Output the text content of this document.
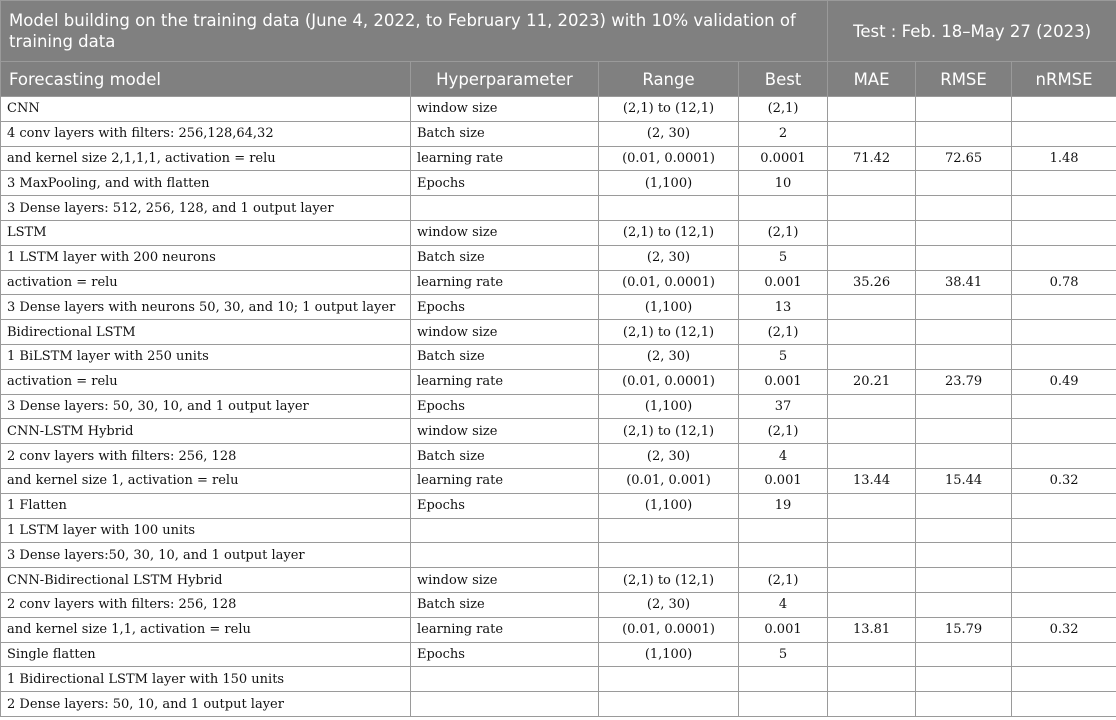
Model building on the training data (June 4, 2022, to February 11, 2023) with 10% validation of training data				Test : Feb. 18–May 27 (2023)		
Forecasting model	Hyperparameter	Range	Best	MAE	RMSE	nRMSE
CNN	window size	(2,1) to (12,1)	(2,1)			
4 conv layers with filters: 256,128,64,32	Batch size	(2, 30)	2			
and kernel size 2,1,1,1, activation = relu	learning rate	(0.01, 0.0001)	0.0001	71.42	72.65	1.48
3 MaxPooling, and with flatten	Epochs	(1,100)	10			
3 Dense layers: 512, 256, 128, and 1 output layer						
LSTM	window size	(2,1) to (12,1)	(2,1)			
1 LSTM layer with 200 neurons	Batch size	(2, 30)	5			
activation = relu	learning rate	(0.01, 0.0001)	0.001	35.26	38.41	0.78
3 Dense layers with neurons 50, 30, and 10; 1 output layer	Epochs	(1,100)	13			
Bidirectional LSTM	window size	(2,1) to (12,1)	(2,1)			
1 BiLSTM layer with 250 units	Batch size	(2, 30)	5			
activation = relu	learning rate	(0.01, 0.0001)	0.001	20.21	23.79	0.49
3 Dense layers: 50, 30, 10, and 1 output layer	Epochs	(1,100)	37			
CNN-LSTM Hybrid	window size	(2,1) to (12,1)	(2,1)			
2 conv layers with filters: 256, 128	Batch size	(2, 30)	4			
and kernel size 1, activation = relu	learning rate	(0.01, 0.001)	0.001	13.44	15.44	0.32
1 Flatten	Epochs	(1,100)	19			
1 LSTM layer with 100 units						
3 Dense layers:50, 30, 10, and 1 output layer						
CNN-Bidirectional LSTM Hybrid	window size	(2,1) to (12,1)	(2,1)			
2 conv layers with filters: 256, 128	Batch size	(2, 30)	4			
and kernel size 1,1, activation = relu	learning rate	(0.01, 0.0001)	0.001	13.81	15.79	0.32
Single flatten	Epochs	(1,100)	5			
1 Bidirectional LSTM layer with 150 units						
2 Dense layers: 50, 10, and 1 output layer						
